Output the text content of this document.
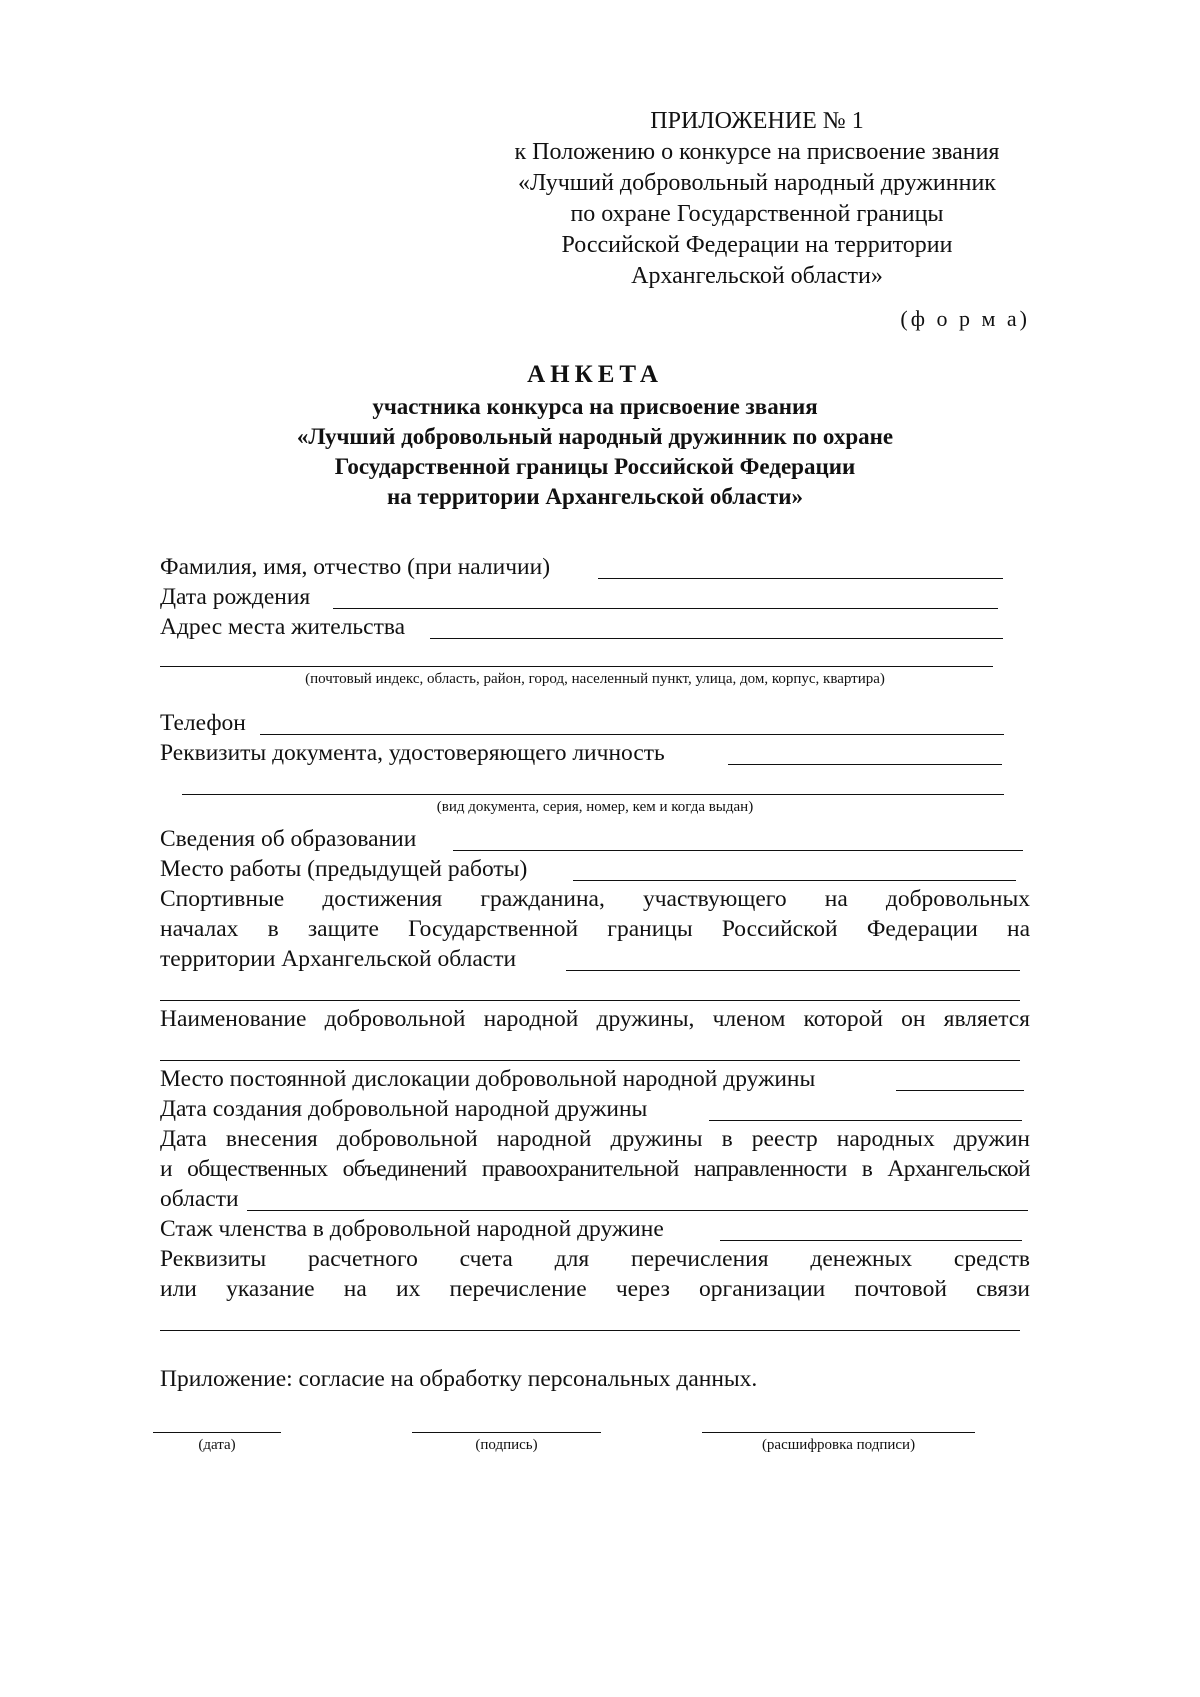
ПРИЛОЖЕНИЕ № 1
к Положению о конкурсе на присвоение звания
«Лучший добровольный народный дружинник
по охране Государственной границы
Российской Федерации на территории
Архангельской области»
(ф о р м а)
АНКЕТА
участника конкурса на присвоение звания
«Лучший добровольный народный дружинник по охране
Государственной границы Российской Федерации
на территории Архангельской области»
Фамилия, имя, отчество (при наличии)
Дата рождения
Адрес места жительства
(почтовый индекс, область, район, город, населенный пункт, улица, дом, корпус, квартира)
Телефон
Реквизиты документа, удостоверяющего личность
(вид документа, серия, номер, кем и когда выдан)
Сведения об образовании
Место работы (предыдущей работы)
Спортивные достижения гражданина, участвующего на добровольных
началах в защите Государственной границы Российской Федерации на
территории Архангельской области
Наименование добровольной народной дружины, членом которой он является
Место постоянной дислокации добровольной народной дружины
Дата создания добровольной народной дружины
Дата внесения добровольной народной дружины в реестр народных дружин
и общественных объединений правоохранительной направленности в Архангельской
области
Стаж членства в добровольной народной дружине
Реквизиты расчетного счета для перечисления денежных средств
или указание на их перечисление через организации почтовой связи
Приложение: согласие на обработку персональных данных.
(дата)	(подпись)	(расшифровка подписи)
